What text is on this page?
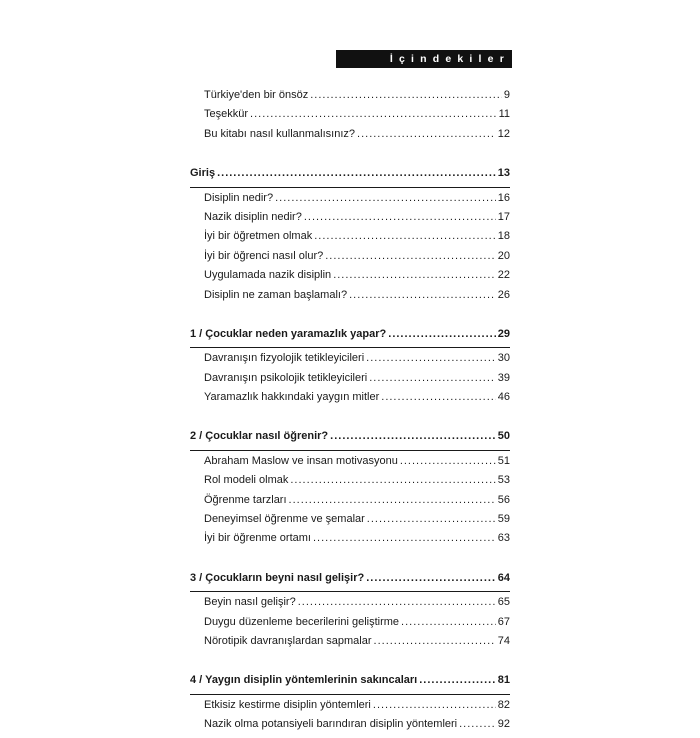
İçindekiler
Türkiye'den bir önsöz .....	9
Teşekkür .....	11
Bu kitabı nasıl kullanmalısınız? .....	12
Giriş .....	13
Disiplin nedir? .....	16
Nazik disiplin nedir? .....	17
İyi bir öğretmen olmak .....	18
İyi bir öğrenci nasıl olur? .....	20
Uygulamada nazik disiplin .....	22
Disiplin ne zaman başlamalı? .....	26
1 / Çocuklar neden yaramazlık yapar? .....	29
Davranışın fizyolojik tetikleyicileri .....	30
Davranışın psikolojik tetikleyicileri .....	39
Yaramazlık hakkındaki yaygın mitler .....	46
2 / Çocuklar nasıl öğrenir? .....	50
Abraham Maslow ve insan motivasyonu .....	51
Rol modeli olmak .....	53
Öğrenme tarzları .....	56
Deneyimsel öğrenme ve şemalar .....	59
İyi bir öğrenme ortamı .....	63
3 / Çocukların beyni nasıl gelişir? .....	64
Beyin nasıl gelişir? .....	65
Duygu düzenleme becerilerini geliştirme .....	67
Nörotipik davranışlardan sapmalar .....	74
4 / Yaygın disiplin yöntemlerinin sakıncaları .....	81
Etkisiz kestirme disiplin yöntemleri .....	82
Nazik olma potansiyeli barındıran disiplin yöntemleri .....	92
